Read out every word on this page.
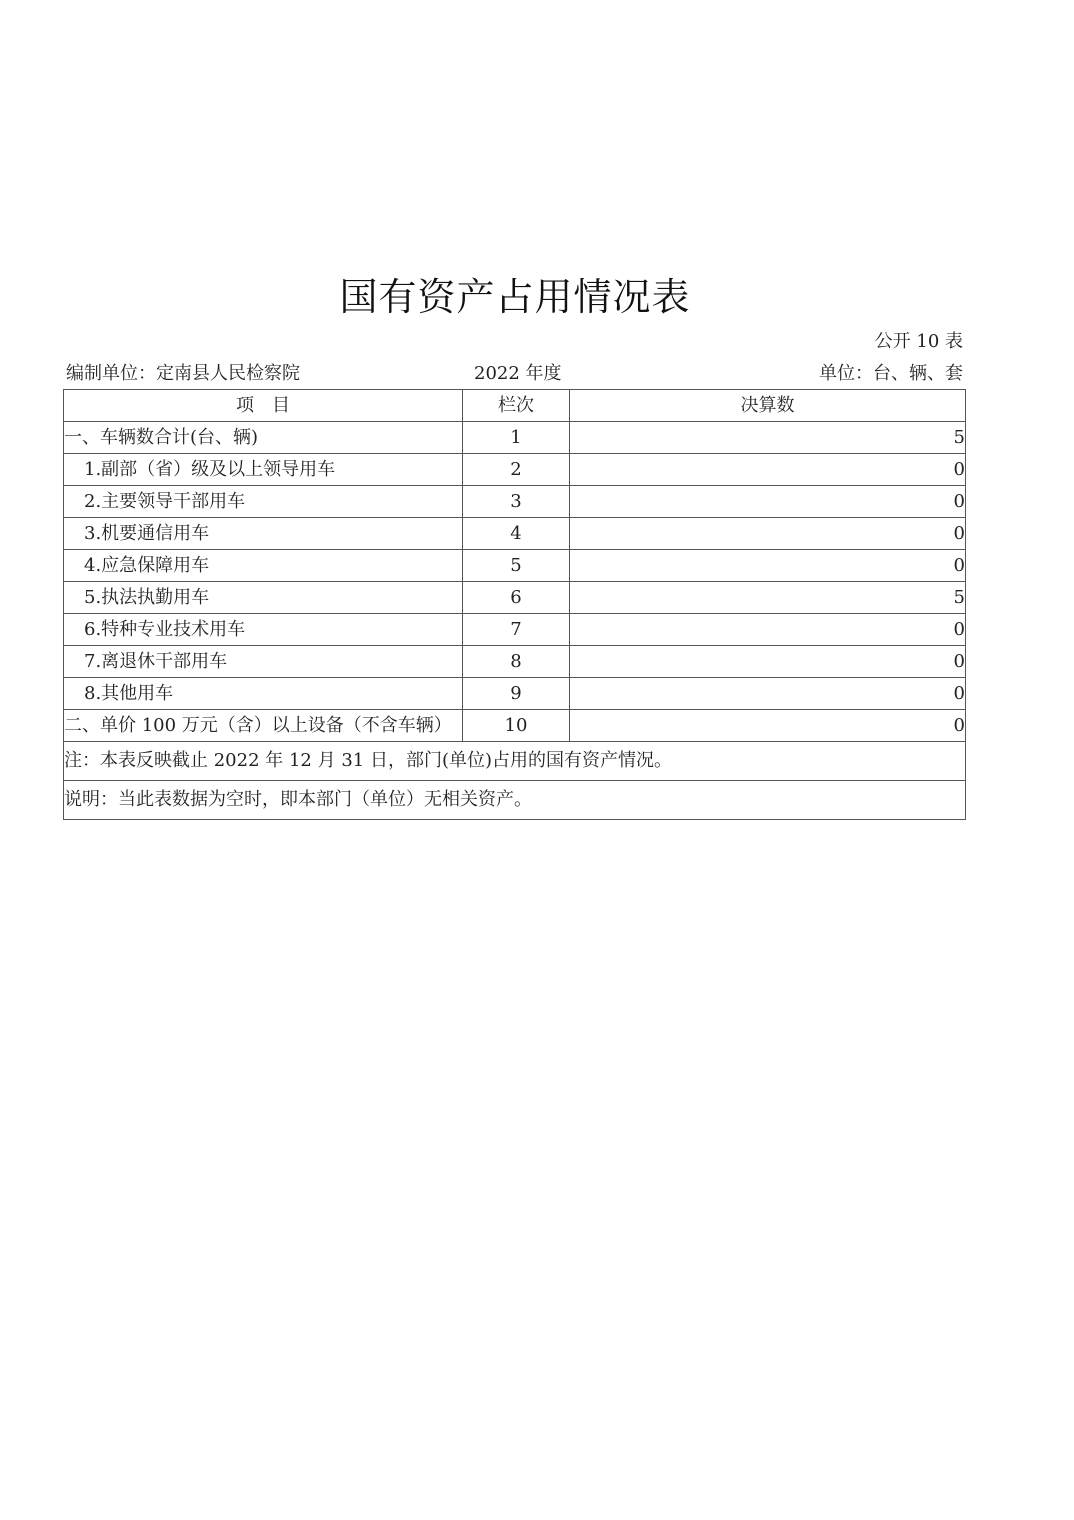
国有资产占用情况表
公开 10 表
编制单位：定南县人民检察院	2022 年度	单位：台、辆、套
项　目	栏次	决算数
一、车辆数合计(台、辆)	1	5
1.副部（省）级及以上领导用车	2	0
2.主要领导干部用车	3	0
3.机要通信用车	4	0
4.应急保障用车	5	0
5.执法执勤用车	6	5
6.特种专业技术用车	7	0
7.离退休干部用车	8	0
8.其他用车	9	0
二、单价 100 万元（含）以上设备（不含车辆）	10	0
注：本表反映截止 2022 年 12 月 31 日，部门(单位)占用的国有资产情况。		
说明：当此表数据为空时，即本部门（单位）无相关资产。		
